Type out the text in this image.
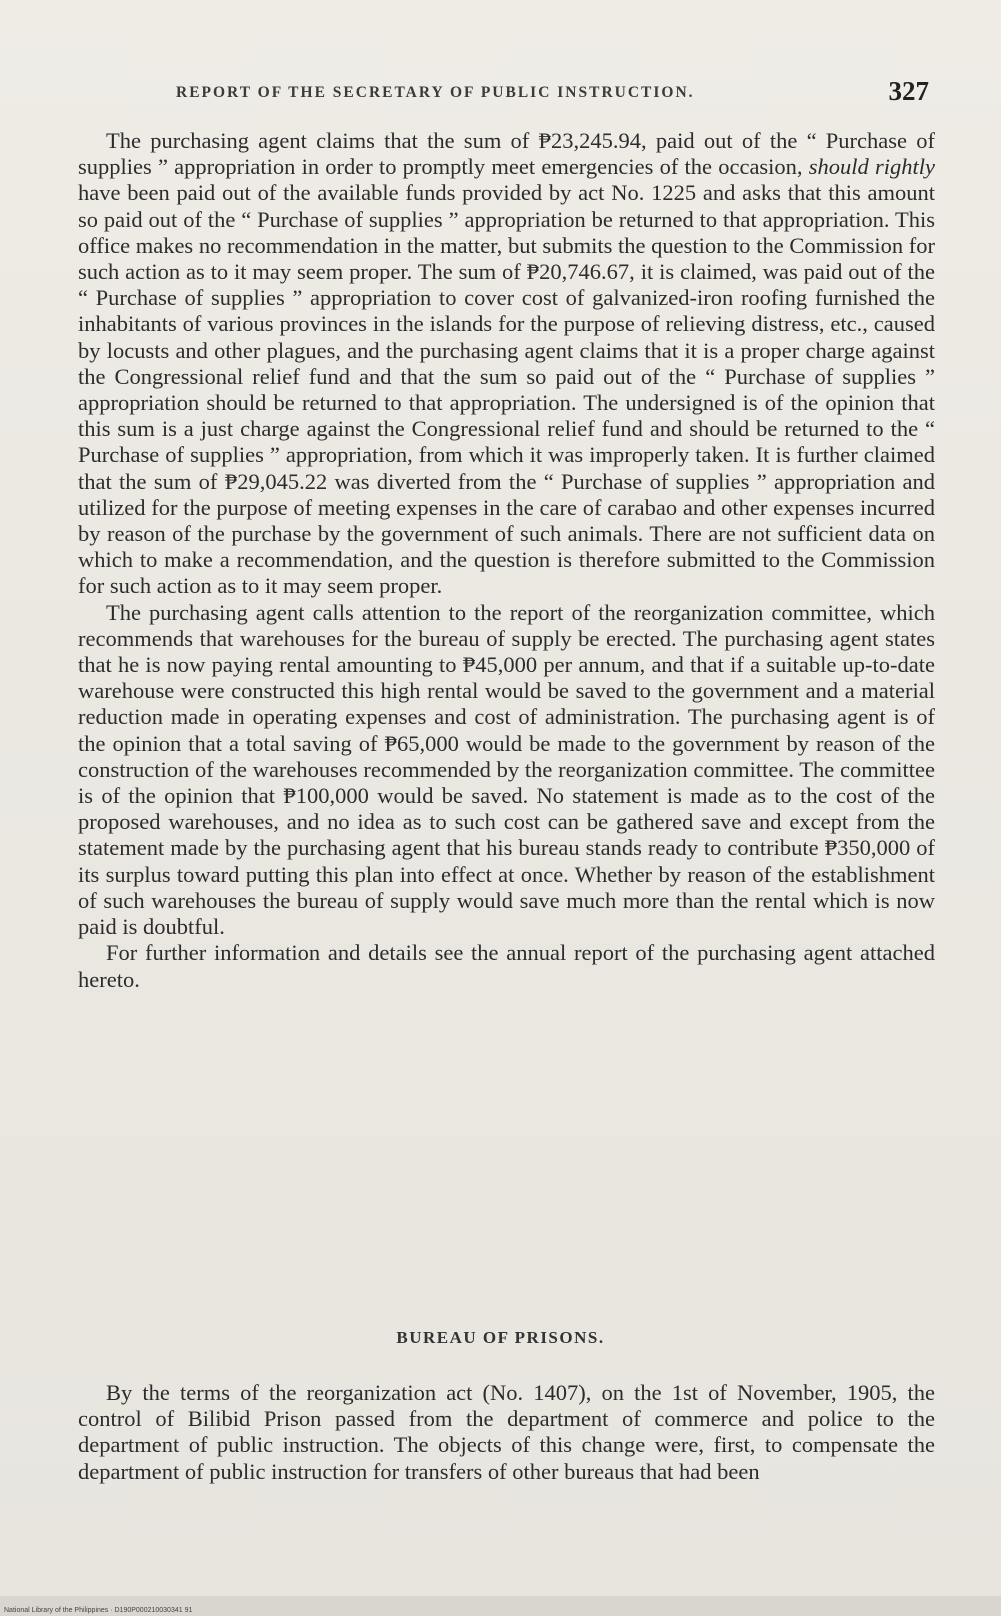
REPORT OF THE SECRETARY OF PUBLIC INSTRUCTION.	327

The purchasing agent claims that the sum of ₱23,245.94, paid out of the “ Purchase of supplies ” appropriation in order to promptly meet emergencies of the occasion, should rightly have been paid out of the available funds provided by act No. 1225 and asks that this amount so paid out of the “ Purchase of supplies ” appropriation be returned to that appropriation. This office makes no recommendation in the matter, but submits the question to the Commission for such action as to it may seem proper. The sum of ₱20,746.67, it is claimed, was paid out of the “ Purchase of supplies ” appropriation to cover cost of galvanized-iron roofing furnished the inhabitants of various provinces in the islands for the purpose of relieving distress, etc., caused by locusts and other plagues, and the purchasing agent claims that it is a proper charge against the Congressional relief fund and that the sum so paid out of the “ Purchase of supplies ” appropriation should be returned to that appropriation. The undersigned is of the opinion that this sum is a just charge against the Congressional relief fund and should be returned to the “ Purchase of supplies ” appropriation, from which it was improperly taken. It is further claimed that the sum of ₱29,045.22 was diverted from the “ Purchase of supplies ” appropriation and utilized for the purpose of meeting expenses in the care of carabao and other expenses incurred by reason of the purchase by the government of such animals. There are not sufficient data on which to make a recommendation, and the question is therefore submitted to the Commission for such action as to it may seem proper.

The purchasing agent calls attention to the report of the reorganization committee, which recommends that warehouses for the bureau of supply be erected. The purchasing agent states that he is now paying rental amounting to ₱45,000 per annum, and that if a suitable up-to-date warehouse were constructed this high rental would be saved to the government and a material reduction made in operating expenses and cost of administration. The purchasing agent is of the opinion that a total saving of ₱65,000 would be made to the government by reason of the construction of the warehouses recommended by the reorganization committee. The committee is of the opinion that ₱100,000 would be saved. No statement is made as to the cost of the proposed warehouses, and no idea as to such cost can be gathered save and except from the statement made by the purchasing agent that his bureau stands ready to contribute ₱350,000 of its surplus toward putting this plan into effect at once. Whether by reason of the establishment of such warehouses the bureau of supply would save much more than the rental which is now paid is doubtful.

For further information and details see the annual report of the purchasing agent attached hereto.

BUREAU OF PRISONS.

By the terms of the reorganization act (No. 1407), on the 1st of November, 1905, the control of Bilibid Prison passed from the department of commerce and police to the department of public instruction. The objects of this change were, first, to compensate the department of public instruction for transfers of other bureaus that had been

National Library of the Philippines · D190P000210030341 91
